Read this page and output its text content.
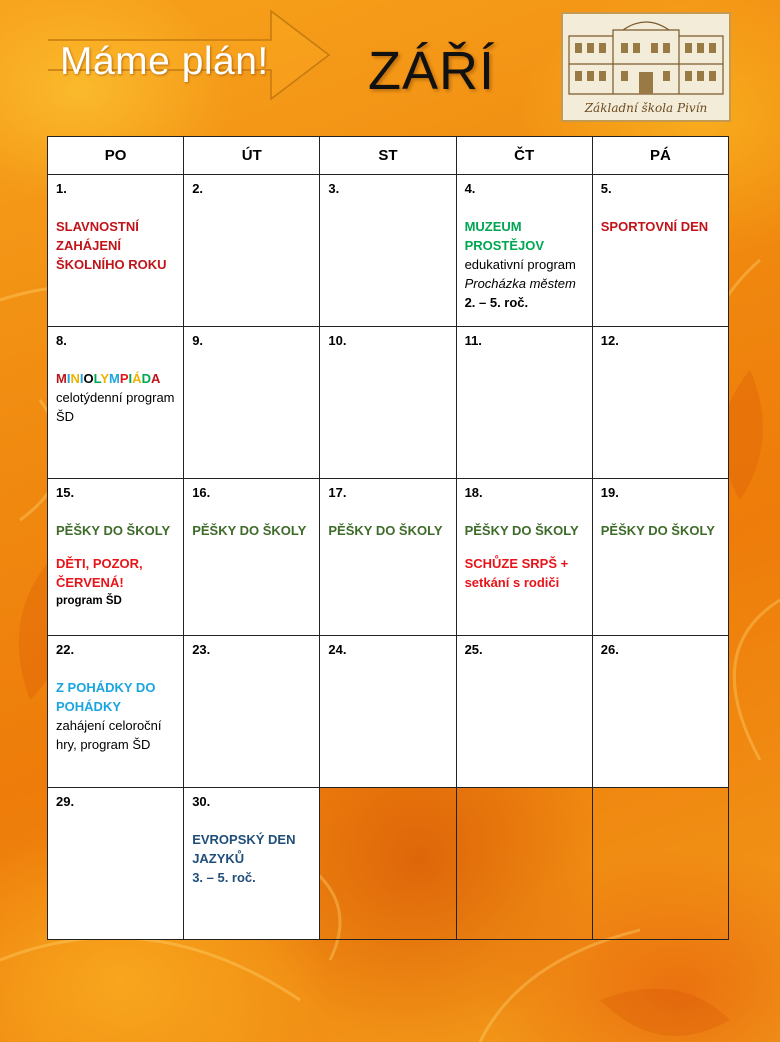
Máme plán! ZÁŘÍ
Základní škola Pivín
PO	ÚT	ST	ČT	PÁ

1.
SLAVNOSTNÍ ZAHÁJENÍ ŠKOLNÍHO ROKU	2.	3.	4.
MUZEUM PROSTĚJOV
edukativní program
Procházka městem
2. – 5. roč.	5.
SPORTOVNÍ DEN

8.
MINIOLYMPIÁDA
celotýdenní program ŠD	9.	10.	11.	12.

15.
PĚŠKY DO ŠKOLY
DĚTI, POZOR, ČERVENÁ!
program ŠD	16.
PĚŠKY DO ŠKOLY	17.
PĚŠKY DO ŠKOLY	18.
PĚŠKY DO ŠKOLY
SCHŮZE SRPŠ + setkání s rodiči	19.
PĚŠKY DO ŠKOLY

22.
Z POHÁDKY DO POHÁDKY
zahájení celoroční hry, program ŠD	23.	24.	25.	26.

29.	30.
EVROPSKÝ DEN JAZYKŮ
3. – 5. roč.			
